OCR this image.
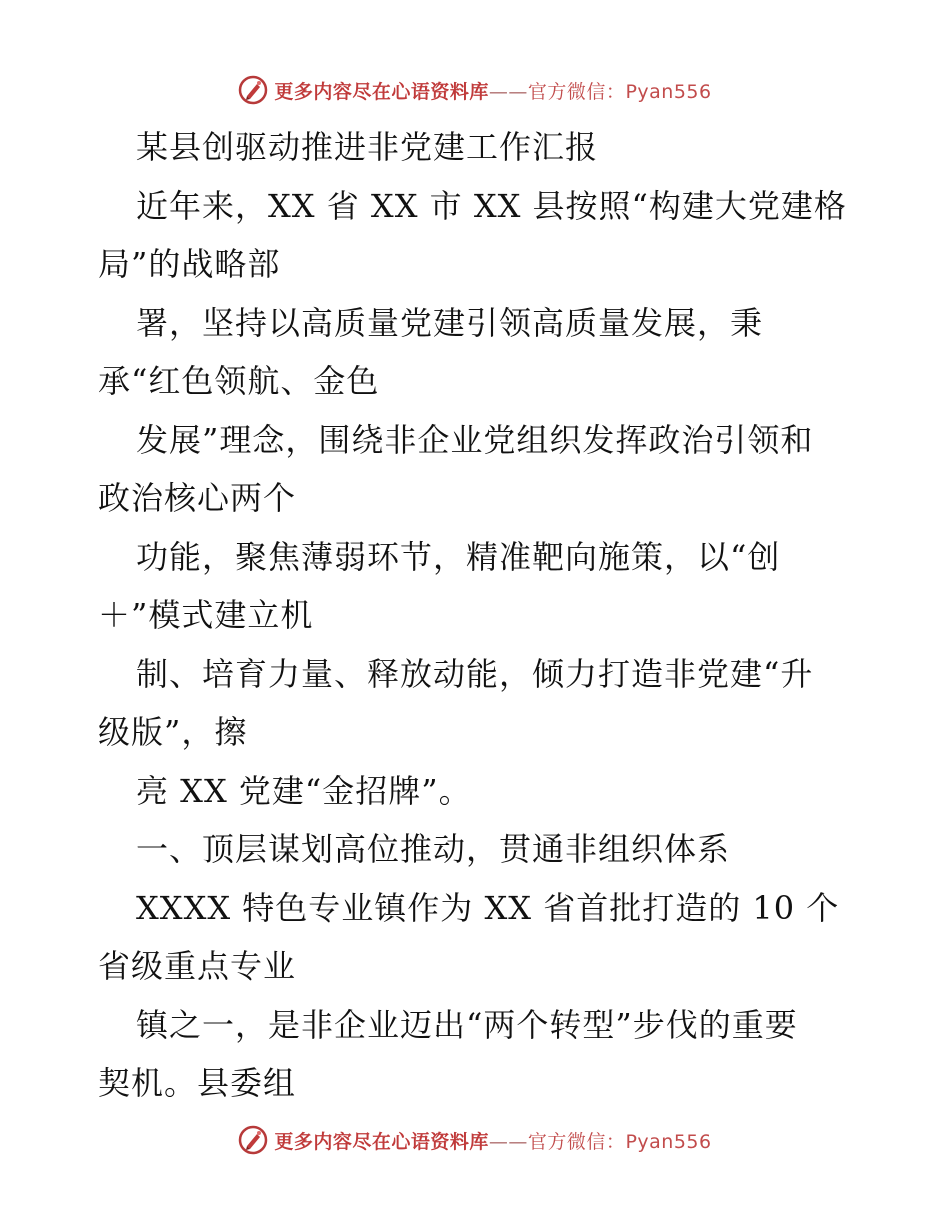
更多内容尽在心语资料库——官方微信：Pyan556
某县创驱动推进非党建工作汇报
近年来，XX 省 XX 市 XX 县按照“构建大党建格
局”的战略部
署，坚持以高质量党建引领高质量发展，秉
承“红色领航、金色
发展”理念，围绕非企业党组织发挥政治引领和
政治核心两个
功能，聚焦薄弱环节，精准靶向施策，以“创
＋”模式建立机
制、培育力量、释放动能，倾力打造非党建“升
级版”，擦
亮 XX 党建“金招牌”。
一、顶层谋划高位推动，贯通非组织体系
XXXX 特色专业镇作为 XX 省首批打造的 10 个
省级重点专业
镇之一，是非企业迈出“两个转型”步伐的重要
契机。县委组
更多内容尽在心语资料库——官方微信：Pyan556
